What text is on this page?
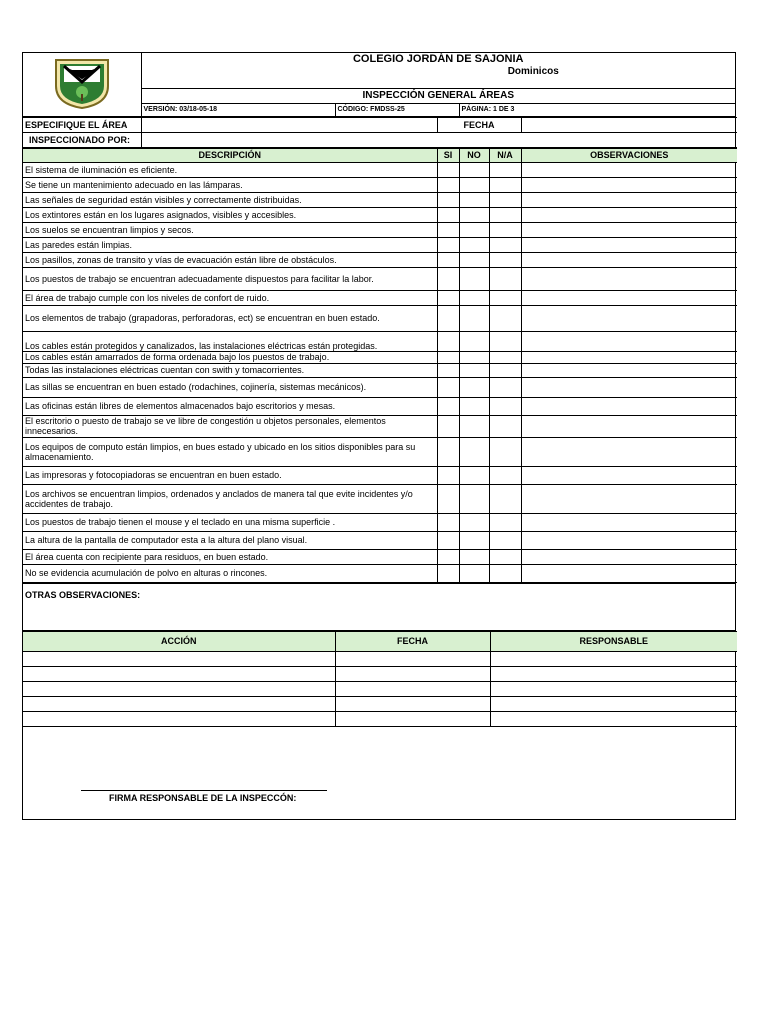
COLEGIO JORDÁN DE SAJONIA
Dominicos		

	INSPECCIÓN GENERAL ÁREAS		
	VERSIÓN: 03/18-05-18	CÓDIGO: FMDSS-25	PÁGINA: 1 DE 3
ESPECIFIQUE EL ÁREA		FECHA	
INSPECCIONADO POR:			
DESCRIPCIÓN	SI	NO	N/A	OBSERVACIONES
El sistema de iluminación es eficiente.				
Se tiene un mantenimiento adecuado en las lámparas.				
Las señales de seguridad están visibles y correctamente distribuidas.				
Los extintores están en los lugares asignados, visibles y accesibles.				
Los suelos se encuentran limpios y secos.				
Las paredes están limpias.				
Los pasillos, zonas de transito y vías de evacuación están libre de obstáculos.				
Los puestos de trabajo se encuentran adecuadamente dispuestos para facilitar la labor.				
El área de trabajo cumple con los niveles de confort de ruido.				
Los elementos de trabajo (grapadoras, perforadoras, ect) se encuentran en buen estado.				
Los cables están protegidos y canalizados, las instalaciones eléctricas están protegidas.				
Los cables están amarrados de forma ordenada bajo los puestos de trabajo.				
Todas las instalaciones eléctricas cuentan con swith y tomacorrientes.				
Las sillas se encuentran en buen estado (rodachines, cojinería, sistemas mecánicos).				
Las oficinas están libres de elementos almacenados bajo escritorios y mesas.				
El escritorio o puesto de trabajo se ve libre de congestión u objetos personales, elementos innecesarios.				
Los equipos de computo están limpios, en bues estado y ubicado en los sitios disponibles para su almacenamiento.				
Las impresoras y fotocopiadoras se encuentran en buen estado.				
Los archivos se encuentran limpios, ordenados y anclados de manera tal que evite incidentes y/o accidentes de trabajo.				
Los puestos de trabajo tienen el mouse y el teclado en una misma superficie .				
La altura de la pantalla de computador esta a la altura del plano visual.				
El área cuenta con recipiente para residuos, en buen estado.				
No se evidencia acumulación de polvo en alturas o rincones.				
OTRAS OBSERVACIONES:
ACCIÓN	FECHA	RESPONSABLE

FIRMA RESPONSABLE DE LA INSPECCÓN:
